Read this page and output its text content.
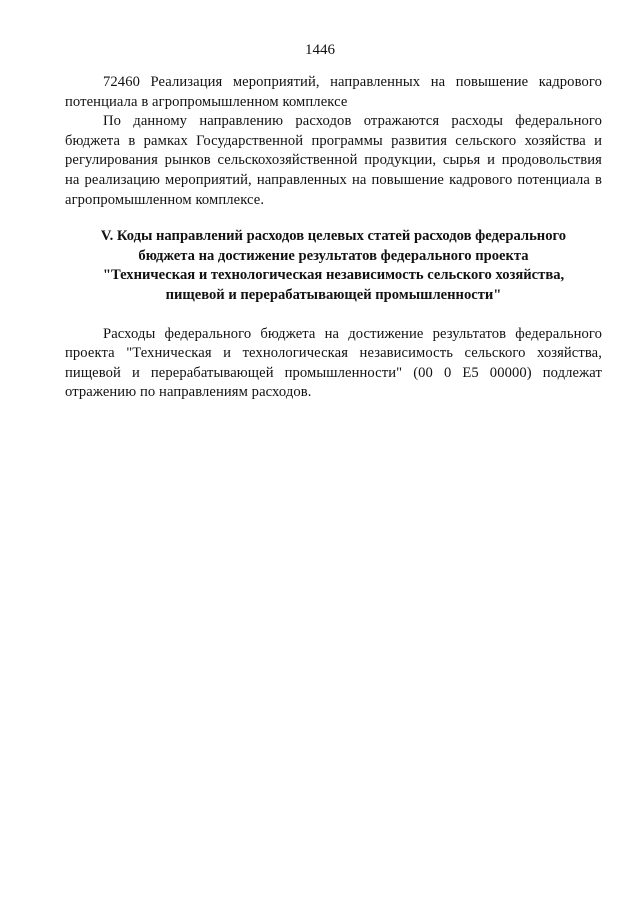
1446

72460 Реализация мероприятий, направленных на повышение кадрового потенциала в агропромышленном комплексе

По данному направлению расходов отражаются расходы федерального бюджета в рамках Государственной программы развития сельского хозяйства и регулирования рынков сельскохозяйственной продукции, сырья и продовольствия на реализацию мероприятий, направленных на повышение кадрового потенциала в агропромышленном комплексе.

V. Коды направлений расходов целевых статей расходов федерального
бюджета на достижение результатов федерального проекта
"Техническая и технологическая независимость сельского хозяйства,
пищевой и перерабатывающей промышленности"

Расходы федерального бюджета на достижение результатов федерального проекта "Техническая и технологическая независимость сельского хозяйства, пищевой и перерабатывающей промышленности" (00 0 E5 00000) подлежат отражению по направлениям расходов.
